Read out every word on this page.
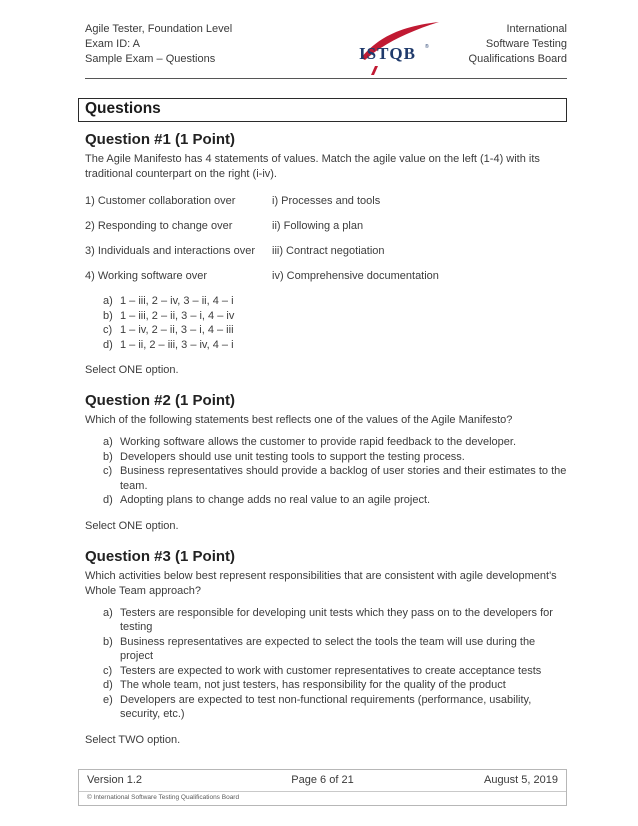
Agile Tester, Foundation Level
Exam ID: A
Sample Exam – Questions	ISTQB ®
International
Software Testing
Qualifications Board
Questions
Question #1 (1 Point)

The Agile Manifesto has 4 statements of values. Match the agile value on the left (1-4) with its traditional counterpart on the right (i-iv).

1) Customer collaboration over	i) Processes and tools
2) Responding to change over	ii) Following a plan
3) Individuals and interactions over	iii) Contract negotiation
4) Working software over	iv) Comprehensive documentation
a) 1 – iii, 2 – iv, 3 – ii, 4 – i
b) 1 – iii, 2 – ii, 3 – i, 4 – iv
c) 1 – iv, 2 – ii, 3 – i, 4 – iii
d) 1 – ii, 2 – iii, 3 – iv, 4 – i

Select ONE option.

Question #2 (1 Point)

Which of the following statements best reflects one of the values of the Agile Manifesto?

a) Working software allows the customer to provide rapid feedback to the developer.
b) Developers should use unit testing tools to support the testing process.
c) Business representatives should provide a backlog of user stories and their estimates to the team.
d) Adopting plans to change adds no real value to an agile project.

Select ONE option.

Question #3 (1 Point)

Which activities below best represent responsibilities that are consistent with agile development's Whole Team approach?

a) Testers are responsible for developing unit tests which they pass on to the developers for testing
b) Business representatives are expected to select the tools the team will use during the project
c) Testers are expected to work with customer representatives to create acceptance tests
d) The whole team, not just testers, has responsibility for the quality of the product
e) Developers are expected to test non-functional requirements (performance, usability, security, etc.)

Select TWO option.

Version 1.2	Page 6 of 21	August 5, 2019
© International Software Testing Qualifications Board
